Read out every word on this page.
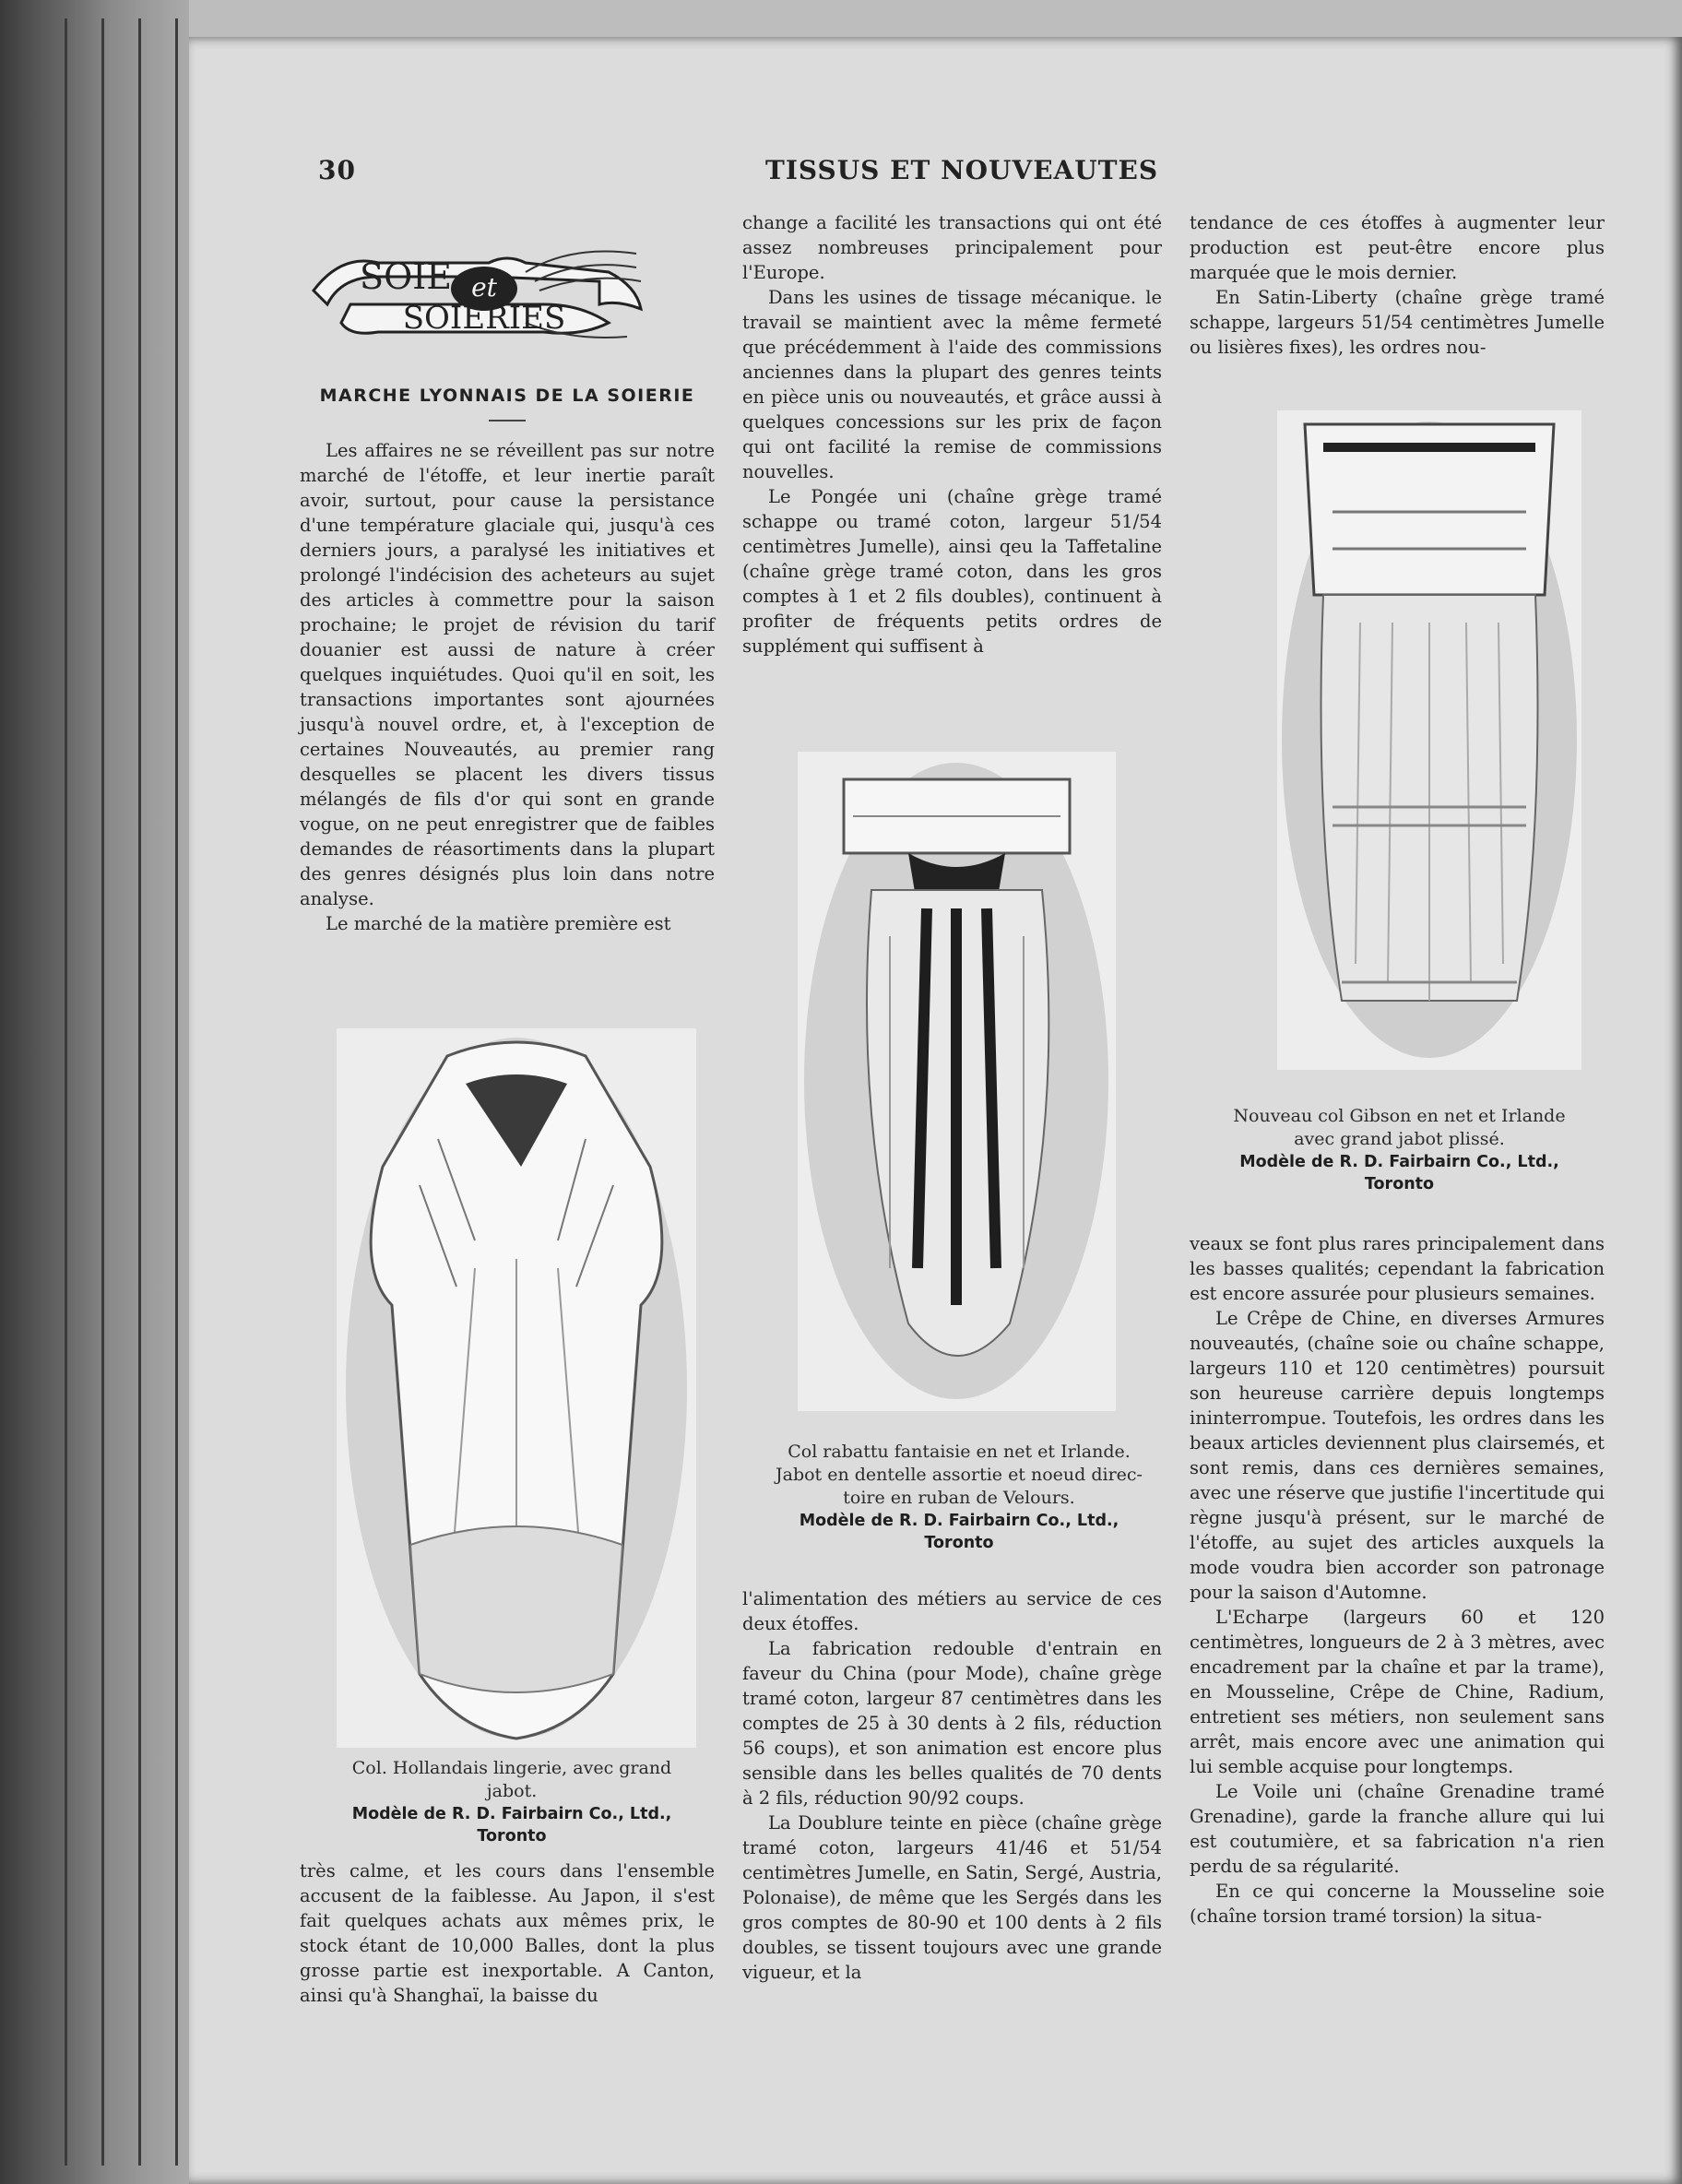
30	TISSUS ET NOUVEAUTES
SOIE et
SOIERIES
MARCHE LYONNAIS DE LA SOIERIE

Les affaires ne se réveillent pas sur notre marché de l'étoffe, et leur inertie paraît avoir, surtout, pour cause la persistance d'une température glaciale qui, jusqu'à ces derniers jours, a paralysé les initiatives et prolongé l'indécision des acheteurs au sujet des articles à commettre pour la saison prochaine; le projet de révision du tarif douanier est aussi de nature à créer quelques inquiétudes. Quoi qu'il en soit, les transactions importantes sont ajournées jusqu'à nouvel ordre, et, à l'exception de certaines Nouveautés, au premier rang desquelles se placent les divers tissus mélangés de fils d'or qui sont en grande vogue, on ne peut enregistrer que de faibles demandes de réasortiments dans la plupart des genres désignés plus loin dans notre analyse.

Le marché de la matière première est

Col. Hollandais lingerie, avec grand
jabot.
Modèle de R. D. Fairbairn Co., Ltd.,
Toronto

très calme, et les cours dans l'ensemble accusent de la faiblesse. Au Japon, il s'est fait quelques achats aux mêmes prix, le stock étant de 10,000 Balles, dont la plus grosse partie est inexportable. A Canton, ainsi qu'à Shanghaï, la baisse du

change a facilité les transactions qui ont été assez nombreuses principalement pour l'Europe.

Dans les usines de tissage mécanique. le travail se maintient avec la même fermeté que précédemment à l'aide des commissions anciennes dans la plupart des genres teints en pièce unis ou nouveautés, et grâce aussi à quelques concessions sur les prix de façon qui ont facilité la remise de commissions nouvelles.

Le Pongée uni (chaîne grège tramé schappe ou tramé coton, largeur 51/54 centimètres Jumelle), ainsi qeu la Taffetaline (chaîne grège tramé coton, dans les gros comptes à 1 et 2 fils doubles), continuent à profiter de fréquents petits ordres de supplément qui suffisent à

Col rabattu fantaisie en net et Irlande.
Jabot en dentelle assortie et noeud direc-
toire en ruban de Velours.
Modèle de R. D. Fairbairn Co., Ltd.,
Toronto

l'alimentation des métiers au service de ces deux étoffes.

La fabrication redouble d'entrain en faveur du China (pour Mode), chaîne grège tramé coton, largeur 87 centimètres dans les comptes de 25 à 30 dents à 2 fils, réduction 56 coups), et son animation est encore plus sensible dans les belles qualités de 70 dents à 2 fils, réduction 90/92 coups.

La Doublure teinte en pièce (chaîne grège tramé coton, largeurs 41/46 et 51/54 centimètres Jumelle, en Satin, Sergé, Austria, Polonaise), de même que les Sergés dans les gros comptes de 80-90 et 100 dents à 2 fils doubles, se tissent toujours avec une grande vigueur, et la

tendance de ces étoffes à augmenter leur production est peut-être encore plus marquée que le mois dernier.

En Satin-Liberty (chaîne grège tramé schappe, largeurs 51/54 centimètres Jumelle ou lisières fixes), les ordres nou-

Nouveau col Gibson en net et Irlande
avec grand jabot plissé.
Modèle de R. D. Fairbairn Co., Ltd.,
Toronto

veaux se font plus rares principalement dans les basses qualités; cependant la fabrication est encore assurée pour plusieurs semaines.

Le Crêpe de Chine, en diverses Armures nouveautés, (chaîne soie ou chaîne schappe, largeurs 110 et 120 centimètres) poursuit son heureuse carrière depuis longtemps ininterrompue. Toutefois, les ordres dans les beaux articles deviennent plus clairsemés, et sont remis, dans ces dernières semaines, avec une réserve que justifie l'incertitude qui règne jusqu'à présent, sur le marché de l'étoffe, au sujet des articles auxquels la mode voudra bien accorder son patronage pour la saison d'Automne.

L'Echarpe (largeurs 60 et 120 centimètres, longueurs de 2 à 3 mètres, avec encadrement par la chaîne et par la trame), en Mousseline, Crêpe de Chine, Radium, entretient ses métiers, non seulement sans arrêt, mais encore avec une animation qui lui semble acquise pour longtemps.

Le Voile uni (chaîne Grenadine tramé Grenadine), garde la franche allure qui lui est coutumière, et sa fabrication n'a rien perdu de sa régularité.

En ce qui concerne la Mousseline soie (chaîne torsion tramé torsion) la situa-
